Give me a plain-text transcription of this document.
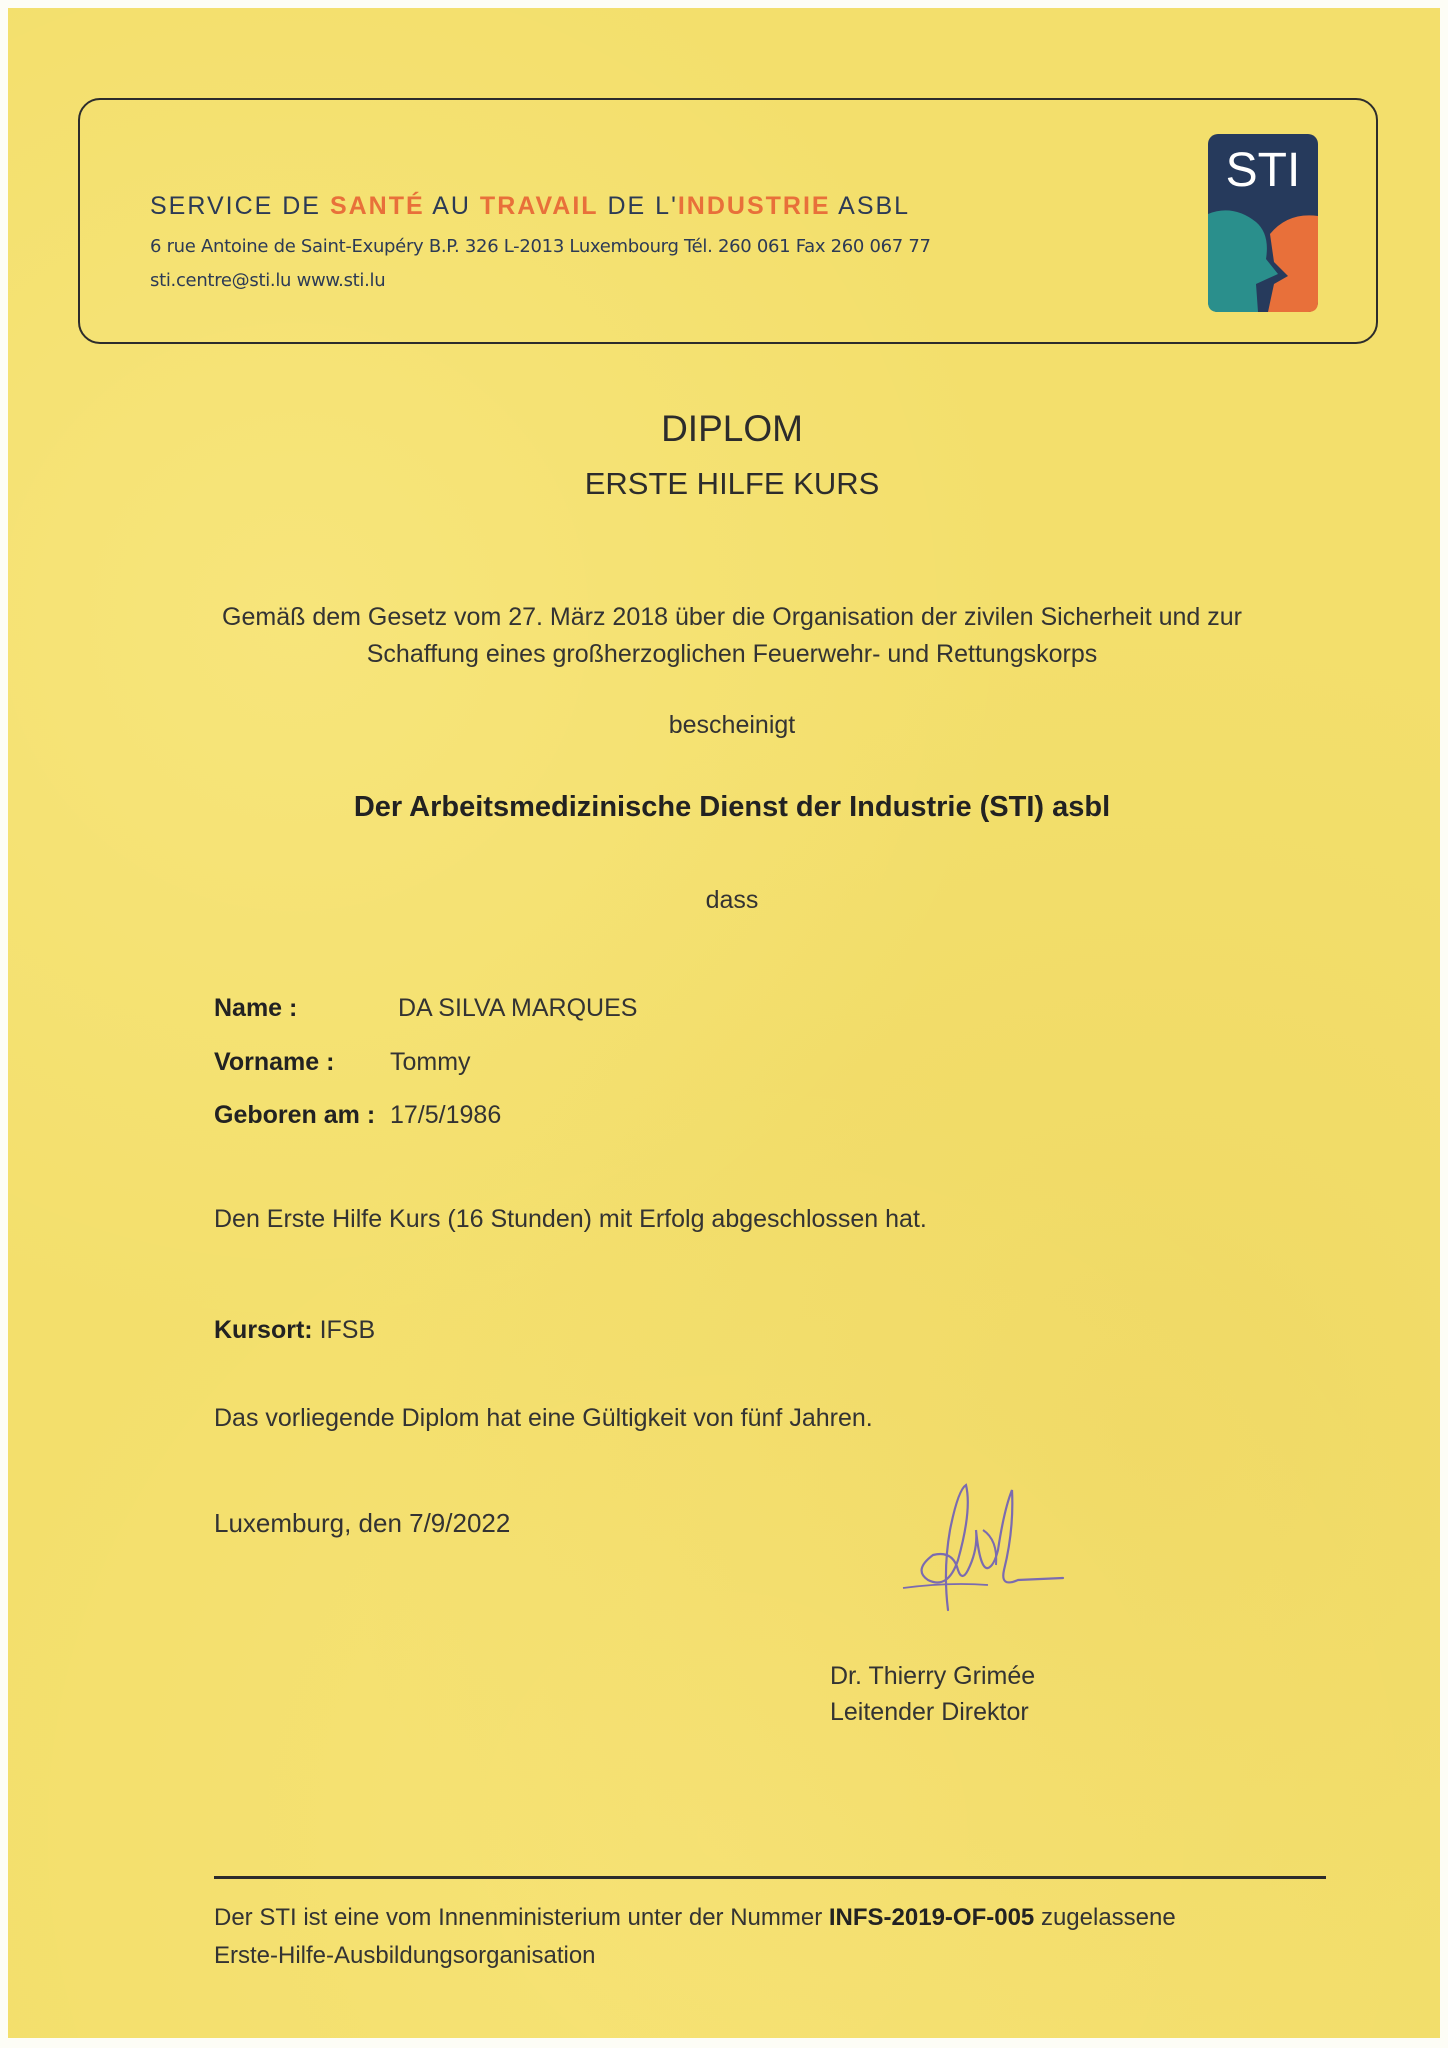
SERVICE DE SANTÉ AU TRAVAIL DE L'INDUSTRIE ASBL
6 rue Antoine de Saint-Exupéry B.P. 326 L-2013 Luxembourg Tél. 260 061 Fax 260 067 77
sti.centre@sti.lu www.sti.lu
STI
DIPLOM
ERSTE HILFE KURS
Gemäß dem Gesetz vom 27. März 2018 über die Organisation der zivilen Sicherheit und zur
Schaffung eines großherzoglichen Feuerwehr- und Rettungskorps
bescheinigt
Der Arbeitsmedizinische Dienst der Industrie (STI) asbl
dass
Name :	DA SILVA MARQUES
Vorname : Tommy
Geboren am : 17/5/1986
Den Erste Hilfe Kurs (16 Stunden) mit Erfolg abgeschlossen hat.
Kursort: IFSB
Das vorliegende Diplom hat eine Gültigkeit von fünf Jahren.
Luxemburg, den 7/9/2022
Dr. Thierry Grimée
Leitender Direktor
Der STI ist eine vom Innenministerium unter der Nummer INFS-2019-OF-005 zugelassene
Erste-Hilfe-Ausbildungsorganisation
